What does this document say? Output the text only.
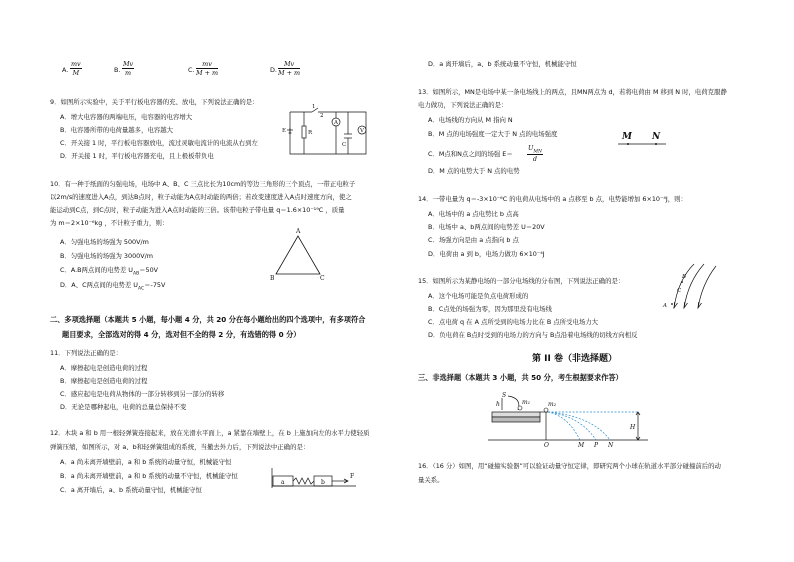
A. $\frac{mv}{M}$	B. $\frac{Mv}{m}$	C. $\frac{mv}{M + m}$	D. $\frac{Mv}{M + m}$
9．如图所示实验中，关于平行板电容器的充、放电，下列说法正确的是：
A．增大电容器的两端电压，电容器的电容增大
B．电容器所带的电荷量越多，电容越大
C．开关接 1 时，平行板电容器放电，流过灵敏电流计的电流从右到左
D．开关接 1 时，平行板电容器充电，且上极板带负电
1
2
E	R
A
V
C
10．有一种于纸面的匀强电场，电场中 A、B、C 三点比长为10cm的等边三角形的三个顶点，一带正电粒子
以2m/s的速度进入A点，到达B点时，粒子动能为A点时动能的两倍；若改变速度进入A点时速度方向，使之
能运动到C点，到C点时，粒子动能为进入A点时动能的三倍。该带电粒子带电量 q＝1.6×10⁻¹⁹C ，质量
为 m＝2×10⁻⁶kg ，不计粒子重力，则：
A．匀强电场的场强为 500V/m
B．匀强电场的场强为 3000V/m
C．A.B两点间的电势差 $U_{AB}=50V$
D．A、C两点间的电势差 $U_{AC}=-75V$
A
B	C
二、多项选择题（本题共 5 小题，每小题 4 分，共 20 分在每小题给出的四个选项中，有多项符合
题目要求，全部选对的得 4 分，选对但不全的得 2 分，有选错的得 0 分）
11．下列说法正确的是：
A．摩擦起电是创造电荷的过程
B．摩擦起电是创造电荷的过程
C．感应起电是电荷从物体的一部分转移到另一部分的转移
D．无论是哪种起电，电荷的总量总保持不变
12．木块 a 和 b 用一根轻弹簧连接起来，放在光滑水平面上，a 紧靠在墙壁上，在 b 上施加向左的水平力使轻质
弹簧压缩，如图所示，对 a、b和轻弹簧组成的系统，当撤去外力后，下列说法中正确的是：
A．a 尚未离开墙壁前，a 和 b 系统的动量守恒，机械能守恒
B．a 尚未离开墙壁前，a 和 b 系统的动量不守恒，机械能守恒
C．a 离开墙后，a、b 系统动量守恒，机械能守恒
a	b
F
D．a 离开墙后，a、b 系统动量不守恒，机械能守恒
13．如图所示，MN是电场中某一条电场线上的两点，且MN两点为 d，若将电荷由 M 移到 N 时，电荷克服静
电力做功，下列说法正确的是：
A．电场线的方向从 M 指向 N
B．M 点的电场强度一定大于 N 点的电场强度
C．M点和N点之间的场强 E＝
$U_{MN}$
d
D．M 点的电势大于 N 点的电势
M N
14．一带电量为 q＝-3×10⁻⁶C 的电荷从电场中的 a 点移至 b 点，电势能增加 6×10⁻⁴J，则：
A．电场中的 a 点电势比 b 点高
B．电场中 a、b两点间的电势差 U＝20V
C．场强方向是由 a 点指向 b 点
D．电荷由 a 到 b，电场力做功 6×10⁻⁴J
15．如图所示为某静电场的一部分电场线的分布图，下列说法正确的是：
A．这个电场可能是负点电荷形成的
B．C点处的场强为零，因为那里没有电场线
C．点电荷 q 在 A 点所受到的电场力比在 B 点所受电场力大
D．负电荷在 B点时受到的电场力的方向与 B点沿着电场线的切线方向相反
A
B
C
第 II 卷（非选择题）
三、非选择题（本题共 3 小题，共 50 分，考生根据要求作答）
S
m₁	m₂
h
H
O	M P N
16．（16 分）如图，用“碰撞实验器”可以验证动量守恒定律，即研究两个小球在轨道水平部分碰撞前后的动
量关系。
